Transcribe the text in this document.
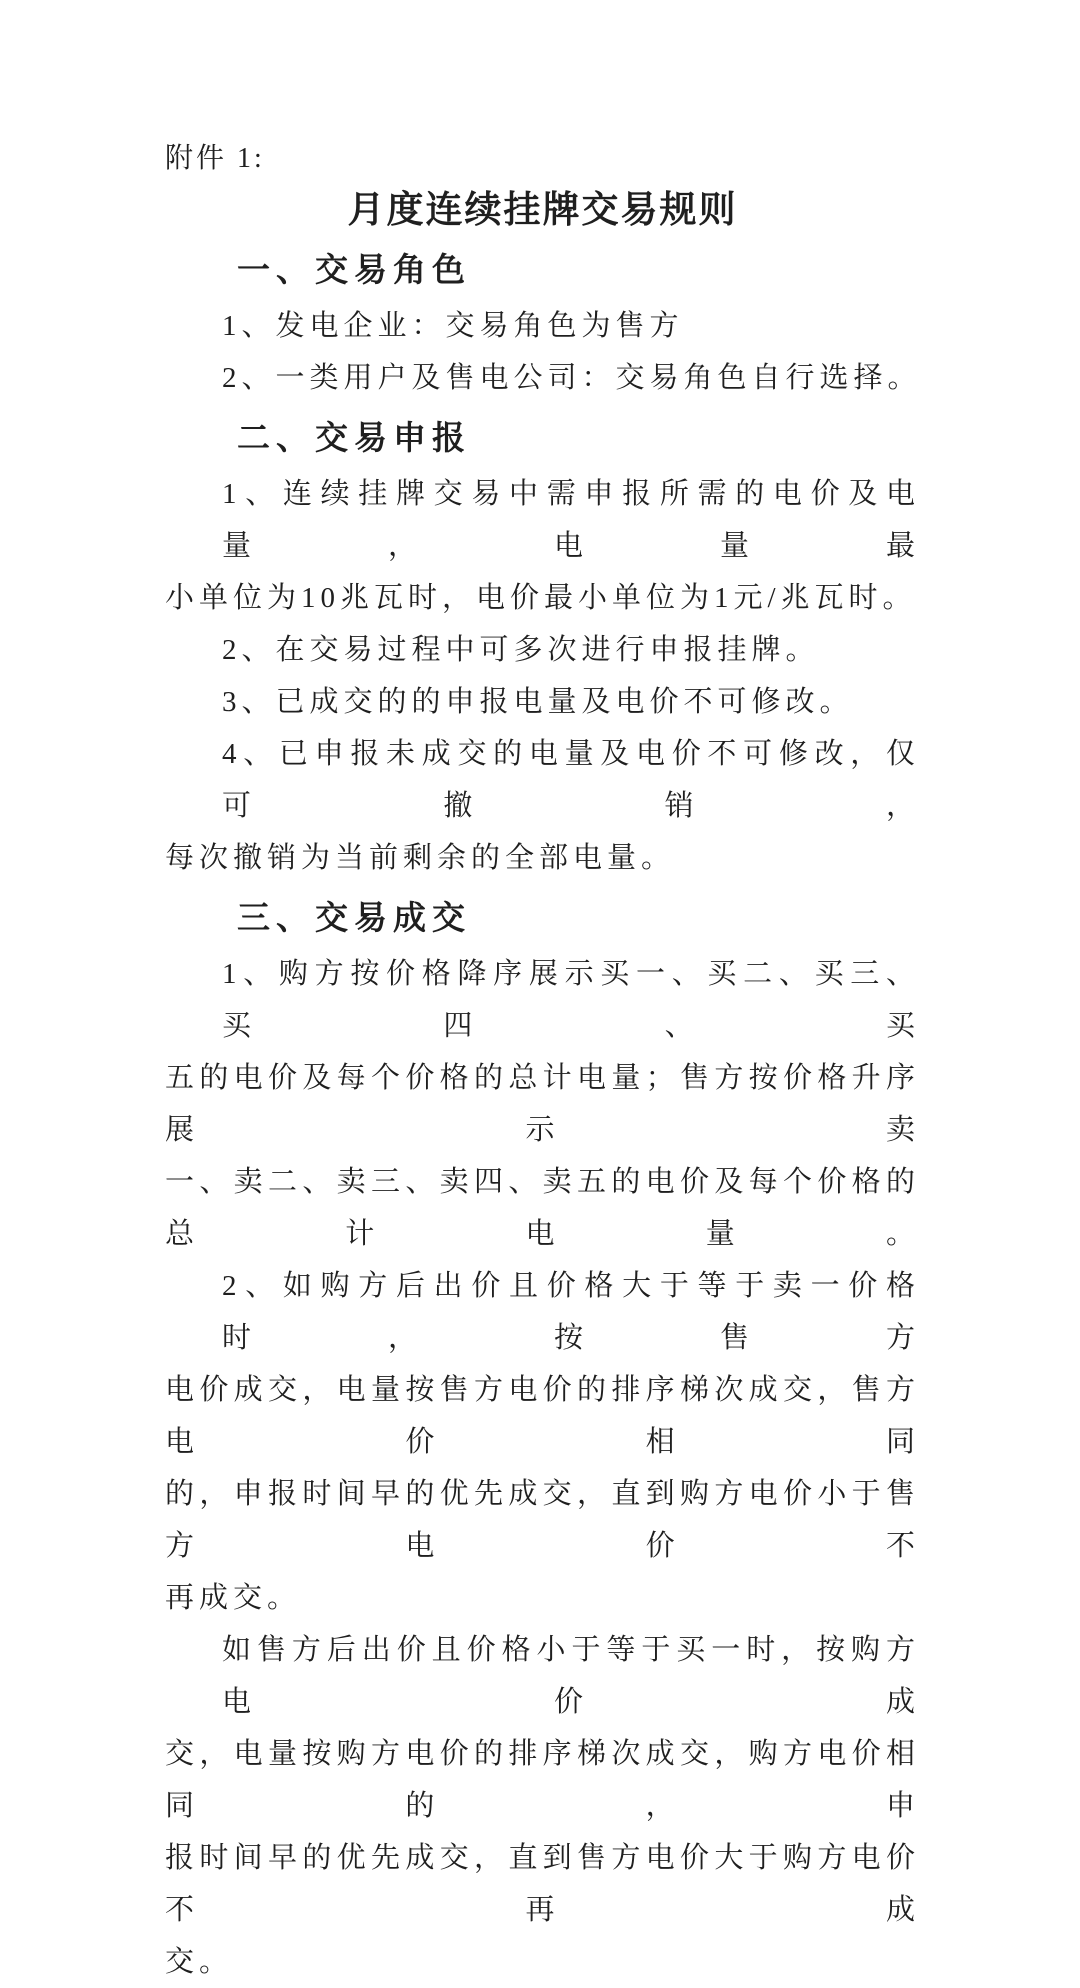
附件 1:
月度连续挂牌交易规则
一、交易角色

1、发电企业：交易角色为售方

2、一类用户及售电公司：交易角色自行选择。

二、交易申报

1、连续挂牌交易中需申报所需的电价及电量，电量最

小单位为10兆瓦时，电价最小单位为1元/兆瓦时。

2、在交易过程中可多次进行申报挂牌。

3、已成交的的申报电量及电价不可修改。

4、已申报未成交的电量及电价不可修改，仅可撤销，

每次撤销为当前剩余的全部电量。

三、交易成交

1、购方按价格降序展示买一、买二、买三、买四、买

五的电价及每个价格的总计电量；售方按价格升序展示卖

一、卖二、卖三、卖四、卖五的电价及每个价格的总计电量。

2、如购方后出价且价格大于等于卖一价格时，按售方

电价成交，电量按售方电价的排序梯次成交，售方电价相同

的，申报时间早的优先成交，直到购方电价小于售方电价不

再成交。

如售方后出价且价格小于等于买一时，按购方电价成

交，电量按购方电价的排序梯次成交，购方电价相同的，申

报时间早的优先成交，直到售方电价大于购方电价不再成

交。
